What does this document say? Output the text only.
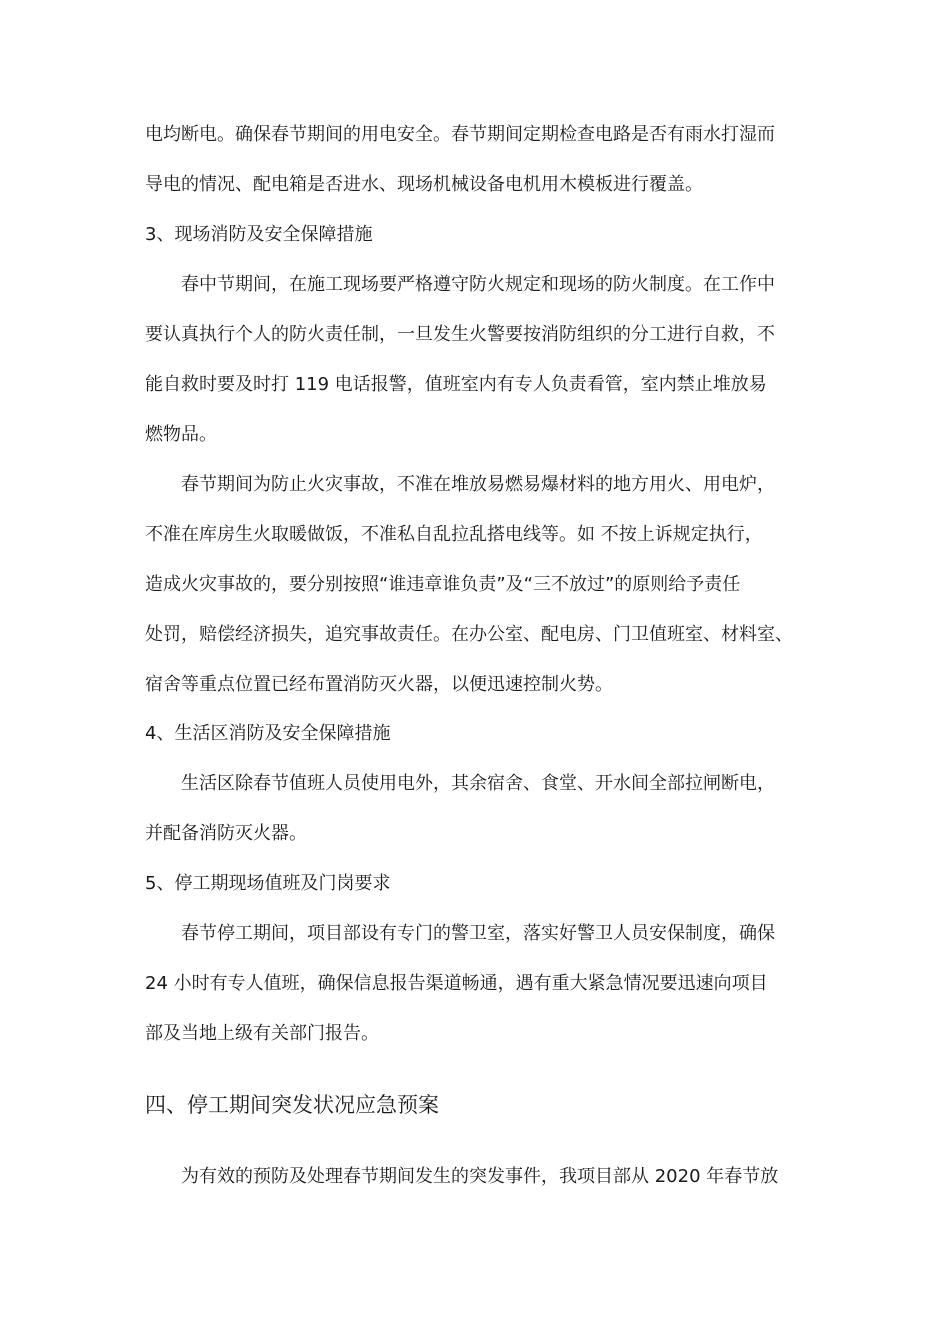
电均断电。确保春节期间的用电安全。春节期间定期检查电路是否有雨水打湿而
导电的情况、配电箱是否进水、现场机械设备电机用木模板进行覆盖。
3、现场消防及安全保障措施
春中节期间，在施工现场要严格遵守防火规定和现场的防火制度。在工作中
要认真执行个人的防火责任制，一旦发生火警要按消防组织的分工进行自救，不
能自救时要及时打 119 电话报警，值班室内有专人负责看管，室内禁止堆放易
燃物品。
春节期间为防止火灾事故，不准在堆放易燃易爆材料的地方用火、用电炉，
不准在库房生火取暖做饭，不准私自乱拉乱搭电线等。如 不按上诉规定执行，
造成火灾事故的，要分别按照“谁违章谁负责”及“三不放过”的原则给予责任
处罚，赔偿经济损失，追究事故责任。在办公室、配电房、门卫值班室、材料室、
宿舍等重点位置已经布置消防灭火器，以便迅速控制火势。
4、生活区消防及安全保障措施
生活区除春节值班人员使用电外，其余宿舍、食堂、开水间全部拉闸断电，
并配备消防灭火器。
5、停工期现场值班及门岗要求
春节停工期间，项目部设有专门的警卫室，落实好警卫人员安保制度，确保
24 小时有专人值班，确保信息报告渠道畅通，遇有重大紧急情况要迅速向项目
部及当地上级有关部门报告。
四、停工期间突发状况应急预案
为有效的预防及处理春节期间发生的突发事件，我项目部从 2020 年春节放
